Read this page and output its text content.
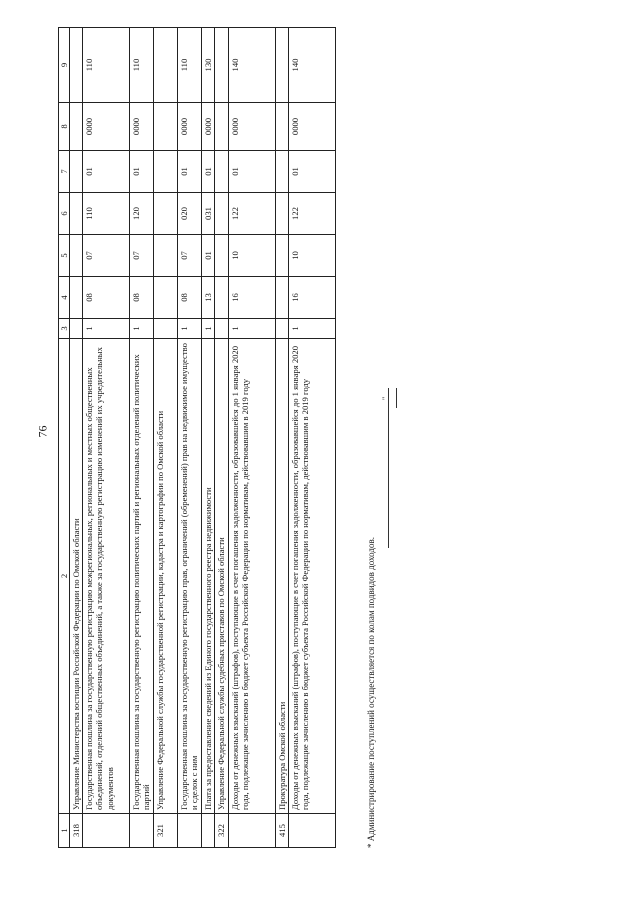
76
1	2	3	4	5	6	7	8	9
318	Управление Министерства юстиции Российской Федерации по Омской области							
	Государственная пошлина за государственную регистрацию межрегиональных, региональных и местных общественных объединений, отделений общественных объединений, а также за государственную регистрацию изменений их учредительных документов	1	08	07	110	01	0000	110
	Государственная пошлина за государственную регистрацию политических партий и региональных отделений политических партий	1	08	07	120	01	0000	110
321	Управление Федеральной службы государственной регистрации, кадастра и картографии по Омской области							
	Государственная пошлина за государственную регистрацию прав, ограничений (обременений) прав на недвижимое имущество и сделок с ним	1	08	07	020	01	0000	110
	Плата за предоставление сведений из Единого государственного реестра недвижимости	1	13	01	031	01	0000	130
322	Управление Федеральной службы судебных приставов по Омской области							
	Доходы от денежных взысканий (штрафов), поступающие в счет погашения задолженности, образовавшейся до 1 января 2020 года, подлежащие зачислению в бюджет субъекта Российской Федерации по нормативам, действовавшим в 2019 году	1	16	10	122	01	0000	140
415	Прокуратура Омской области							
	Доходы от денежных взысканий (штрафов), поступающие в счет погашения задолженности, образовавшейся до 1 января 2020 года, подлежащие зачислению в бюджет субъекта Российской Федерации по нормативам, действовавшим в 2019 году	1	16	10	122	01	0000	140
* Администрирование поступлений осуществляется по колам подвидов доходов.
"
